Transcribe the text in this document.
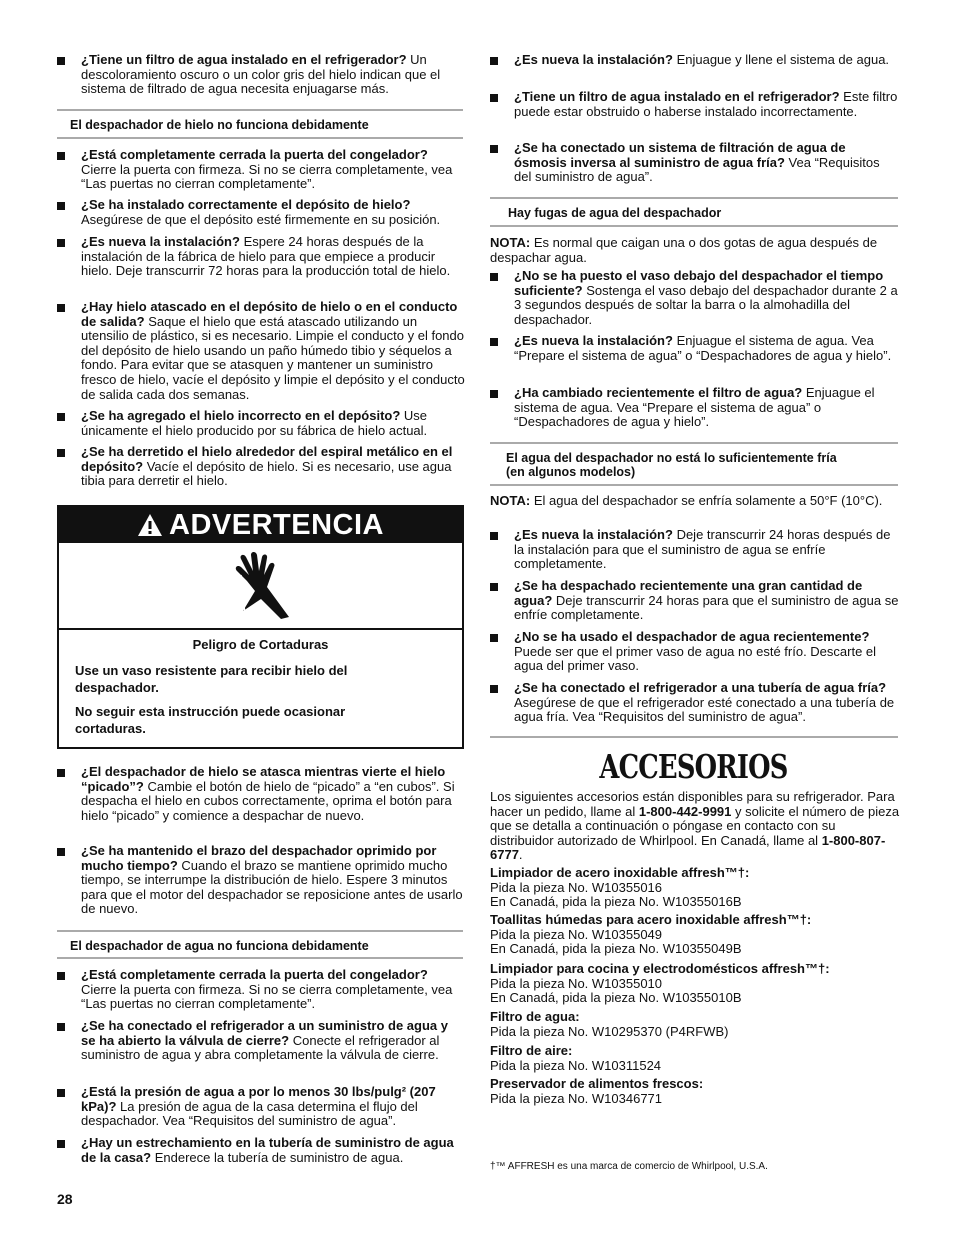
¿Tiene un filtro de agua instalado en el refrigerador? Un descoloramiento oscuro o un color gris del hielo indican que el sistema de filtrado de agua necesita enjuagarse más.
El despachador de hielo no funciona debidamente
¿Está completamente cerrada la puerta del congelador? Cierre la puerta con firmeza. Si no se cierra completamente, vea “Las puertas no cierran completamente”.
¿Se ha instalado correctamente el depósito de hielo? Asegúrese de que el depósito esté firmemente en su posición.
¿Es nueva la instalación? Espere 24 horas después de la instalación de la fábrica de hielo para que empiece a producir hielo. Deje transcurrir 72 horas para la producción total de hielo.
¿Hay hielo atascado en el depósito de hielo o en el conducto de salida? Saque el hielo que está atascado utilizando un utensilio de plástico, si es necesario. Limpie el conducto y el fondo del depósito de hielo usando un paño húmedo tibio y séquelos a fondo. Para evitar que se atasquen y mantener un suministro fresco de hielo, vacíe el depósito y limpie el depósito y el conducto de salida cada dos semanas.
¿Se ha agregado el hielo incorrecto en el depósito? Use únicamente el hielo producido por su fábrica de hielo actual.
¿Se ha derretido el hielo alrededor del espiral metálico en el depósito? Vacíe el depósito de hielo. Si es necesario, use agua tibia para derretir el hielo.
ADVERTENCIA
Peligro de Cortaduras
Use un vaso resistente para recibir hielo del despachador.
No seguir esta instrucción puede ocasionar cortaduras.
¿El despachador de hielo se atasca mientras vierte el hielo “picado”? Cambie el botón de hielo de “picado” a “en cubos”. Si despacha el hielo en cubos correctamente, oprima el botón para hielo “picado” y comience a despachar de nuevo.
¿Se ha mantenido el brazo del despachador oprimido por mucho tiempo? Cuando el brazo se mantiene oprimido mucho tiempo, se interrumpe la distribución de hielo. Espere 3 minutos para que el motor del despachador se reposicione antes de usarlo de nuevo.
El despachador de agua no funciona debidamente
¿Está completamente cerrada la puerta del congelador? Cierre la puerta con firmeza. Si no se cierra completamente, vea “Las puertas no cierran completamente”.
¿Se ha conectado el refrigerador a un suministro de agua y se ha abierto la válvula de cierre? Conecte el refrigerador al suministro de agua y abra completamente la válvula de cierre.
¿Está la presión de agua a por lo menos 30 lbs/pulg² (207 kPa)? La presión de agua de la casa determina el flujo del despachador. Vea “Requisitos del suministro de agua”.
¿Hay un estrechamiento en la tubería de suministro de agua de la casa? Enderece la tubería de suministro de agua.
28
¿Es nueva la instalación? Enjuague y llene el sistema de agua.
¿Tiene un filtro de agua instalado en el refrigerador? Este filtro puede estar obstruido o haberse instalado incorrectamente.
¿Se ha conectado un sistema de filtración de agua de ósmosis inversa al suministro de agua fría? Vea “Requisitos del suministro de agua”.
Hay fugas de agua del despachador
NOTA: Es normal que caigan una o dos gotas de agua después de despachar agua.
¿No se ha puesto el vaso debajo del despachador el tiempo suficiente? Sostenga el vaso debajo del despachador durante 2 a 3 segundos después de soltar la barra o la almohadilla del despachador.
¿Es nueva la instalación? Enjuague el sistema de agua. Vea “Prepare el sistema de agua” o “Despachadores de agua y hielo”.
¿Ha cambiado recientemente el filtro de agua? Enjuague el sistema de agua. Vea “Prepare el sistema de agua” o “Despachadores de agua y hielo”.
El agua del despachador no está lo suficientemente fría
(en algunos modelos)
NOTA: El agua del despachador se enfría solamente a 50°F (10°C).
¿Es nueva la instalación? Deje transcurrir 24 horas después de la instalación para que el suministro de agua se enfríe completamente.
¿Se ha despachado recientemente una gran cantidad de agua? Deje transcurrir 24 horas para que el suministro de agua se enfríe completamente.
¿No se ha usado el despachador de agua recientemente? Puede ser que el primer vaso de agua no esté frío. Descarte el agua del primer vaso.
¿Se ha conectado el refrigerador a una tubería de agua fría? Asegúrese de que el refrigerador esté conectado a una tubería de agua fría. Vea “Requisitos del suministro de agua”.
ACCESORIOS
Los siguientes accesorios están disponibles para su refrigerador. Para hacer un pedido, llame al 1-800-442-9991 y solicite el número de pieza que se detalla a continuación o póngase en contacto con su distribuidor autorizado de Whirlpool. En Canadá, llame al 1-800-807-6777.
Limpiador de acero inoxidable affresh™†:
Pida la pieza No. W10355016
En Canadá, pida la pieza No. W10355016B
Toallitas húmedas para acero inoxidable affresh™†:
Pida la pieza No. W10355049
En Canadá, pida la pieza No. W10355049B
Limpiador para cocina y electrodomésticos affresh™†:
Pida la pieza No. W10355010
En Canadá, pida la pieza No. W10355010B
Filtro de agua:
Pida la pieza No. W10295370 (P4RFWB)
Filtro de aire:
Pida la pieza No. W10311524
Preservador de alimentos frescos:
Pida la pieza No. W10346771
†™ AFFRESH es una marca de comercio de Whirlpool, U.S.A.
